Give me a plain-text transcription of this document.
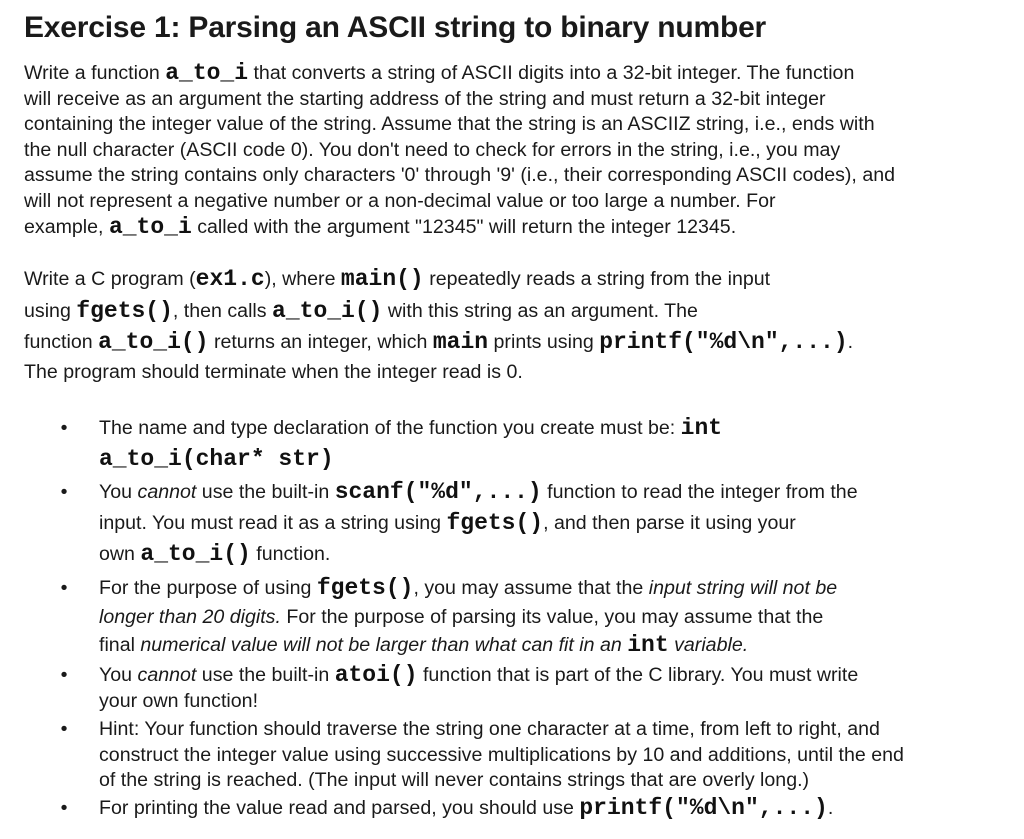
Exercise 1: Parsing an ASCII string to binary number

Write a function a_to_i that converts a string of ASCII digits into a 32-bit integer. The function
will receive as an argument the starting address of the string and must return a 32-bit integer
containing the integer value of the string. Assume that the string is an ASCIIZ string, i.e., ends with
the null character (ASCII code 0). You don't need to check for errors in the string, i.e., you may
assume the string contains only characters '0' through '9' (i.e., their corresponding ASCII codes), and
will not represent a negative number or a non-decimal value or too large a number. For
example, a_to_i called with the argument "12345" will return the integer 12345.

Write a C program (ex1.c), where main() repeatedly reads a string from the input
using fgets(), then calls a_to_i() with this string as an argument. The
function a_to_i() returns an integer, which main prints using printf("%d\n",...).

The program should terminate when the integer read is 0.

• The name and type declaration of the function you create must be: int
a_to_i(char* str)
• You cannot use the built-in scanf("%d",...) function to read the integer from the
input. You must read it as a string using fgets(), and then parse it using your
own a_to_i() function.
• For the purpose of using fgets(), you may assume that the input string will not be
longer than 20 digits. For the purpose of parsing its value, you may assume that the
final numerical value will not be larger than what can fit in an int variable.
• You cannot use the built-in atoi() function that is part of the C library. You must write
your own function!
• Hint: Your function should traverse the string one character at a time, from left to right, and
construct the integer value using successive multiplications by 10 and additions, until the end
of the string is reached. (The input will never contains strings that are overly long.)
• For printing the value read and parsed, you should use printf("%d\n",...).
